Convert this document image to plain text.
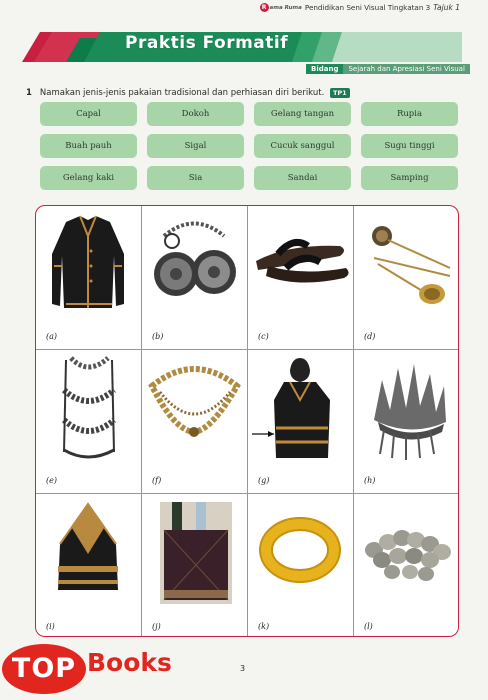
R ama Ruma Pendidikan Seni Visual Tingkatan 3 Tajuk 1
Praktis Formatif
Bidang	Sejarah dan Apresiasi Seni Visual
1 Namakan jenis-jenis pakaian tradisional dan perhiasan diri berikut. TP1
Capal	Dokoh	Gelang tangan	Rupia
Buah pauh	Sigal	Cucuk sanggul	Sugu tinggi
Gelang kaki	Sia	Sandai	Samping
(a)	(b)	(c)	(d)
(e)	(f)	(g)	(h)
(i)	(j)	(k)	(l)
3
TOP Books
